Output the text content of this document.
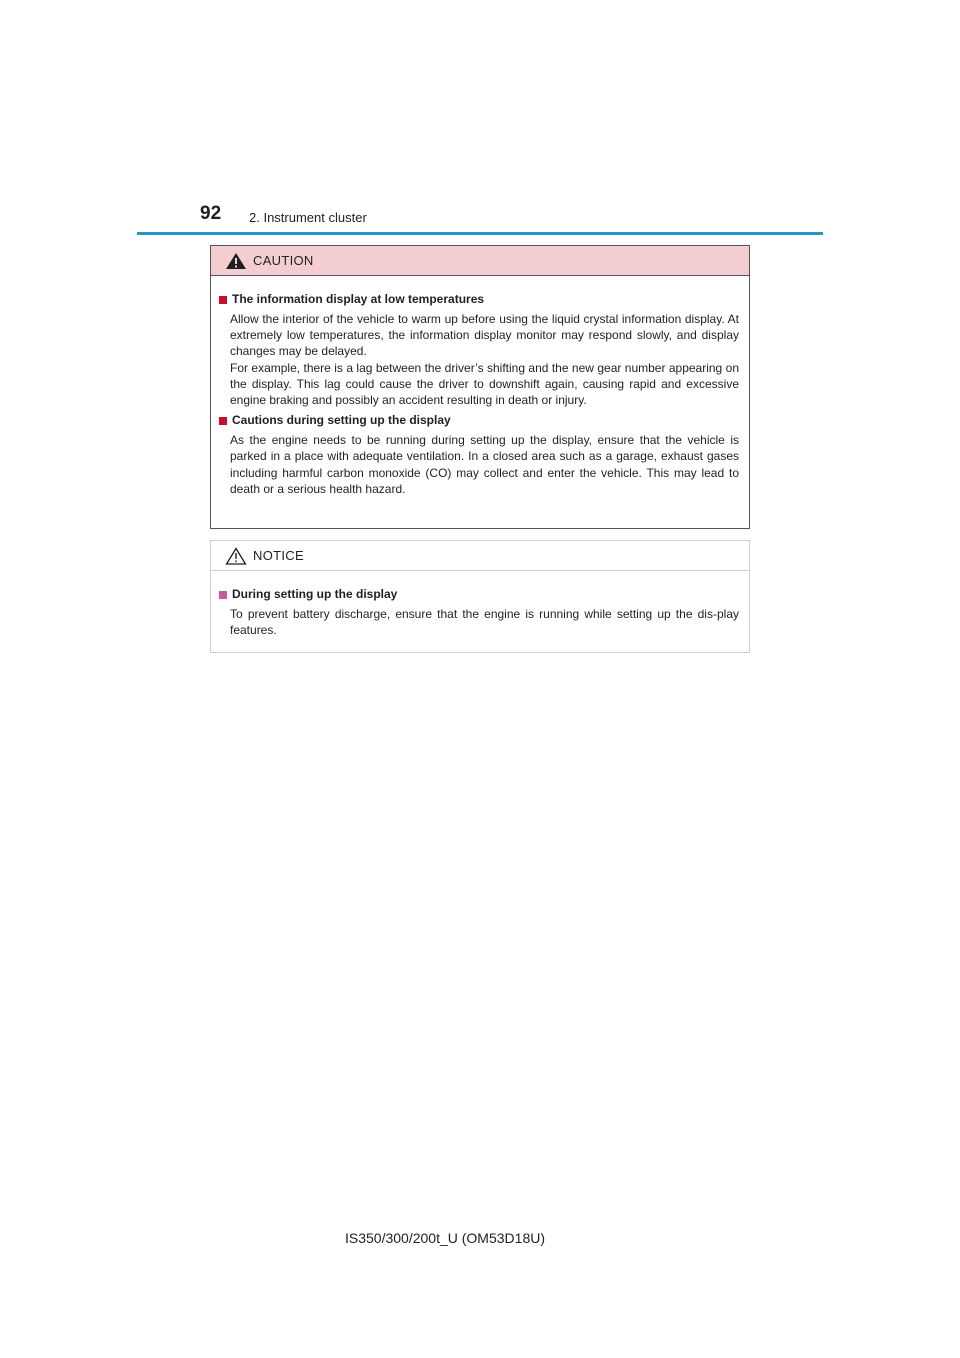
92 2. Instrument cluster
CAUTION
The information display at low temperatures

Allow the interior of the vehicle to warm up before using the liquid crystal information display. At extremely low temperatures, the information display monitor may respond slowly, and display changes may be delayed.

For example, there is a lag between the driver’s shifting and the new gear number appearing on the display. This lag could cause the driver to downshift again, causing rapid and excessive engine braking and possibly an accident resulting in death or injury.

Cautions during setting up the display

As the engine needs to be running during setting up the display, ensure that the vehicle is parked in a place with adequate ventilation. In a closed area such as a garage, exhaust gases including harmful carbon monoxide (CO) may collect and enter the vehicle. This may lead to death or a serious health hazard.

NOTICE
During setting up the display

To prevent battery discharge, ensure that the engine is running while setting up the dis-play features.

IS350/300/200t_U (OM53D18U)
